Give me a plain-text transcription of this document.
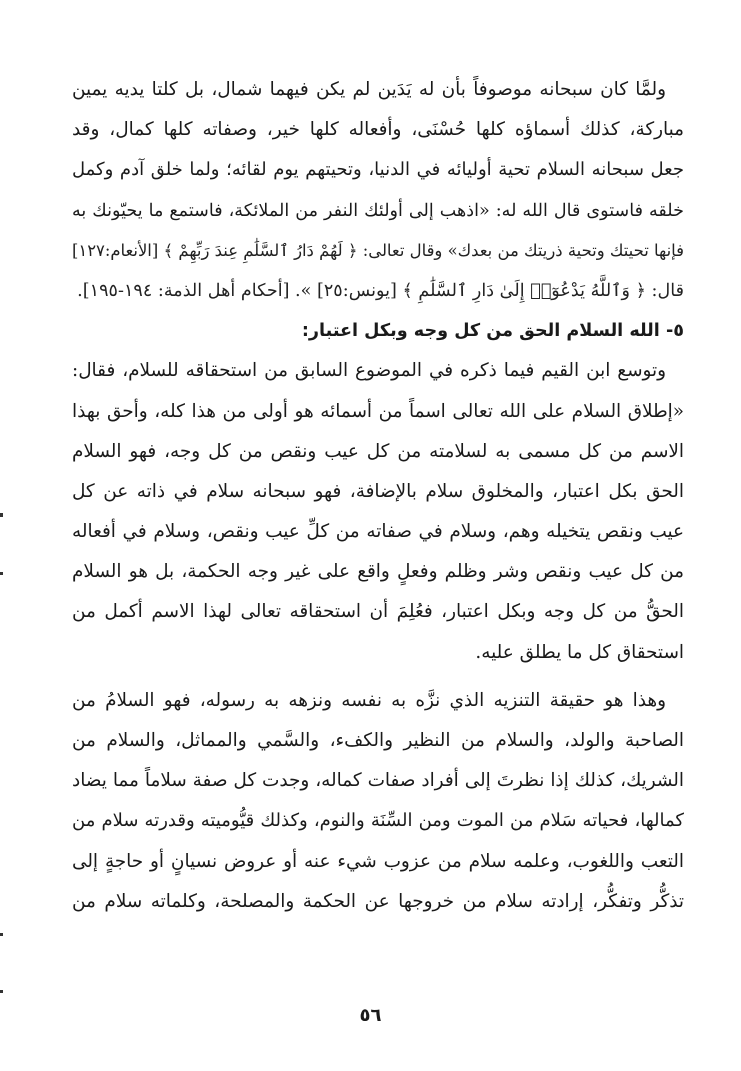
ولمَّا كان سبحانه موصوفاً بأن له يَدَين لم يكن فيهما شمال، بل كلتا يديه يمين
مباركة، كذلك أسماؤه كلها حُسْنَى، وأفعاله كلها خير، وصفاته كلها كمال، وقد
جعل سبحانه السلام تحية أوليائه في الدنيا، وتحيتهم يوم لقائه؛ ولما خلق آدم وكمل
خلقه فاستوى قال الله له: «اذهب إلى أولئك النفر من الملائكة، فاستمع ما يحيّونك به
فإنها تحيتك وتحية ذريتك من بعدك» وقال تعالى: ﴿ لَهُمْ دَارُ ٱلسَّلَٰمِ عِندَ رَبِّهِمْ ﴾ [الأنعام:١٢٧]
قال: ﴿ وَٱللَّهُ يَدْعُوٓا۟ إِلَىٰ دَارِ ٱلسَّلَٰمِ ﴾ [يونس:٢٥] ». [أحكام أهل الذمة: ١٩٤-١٩٥].
٥- الله السلام الحق من كل وجه وبكل اعتبار:
وتوسع ابن القيم فيما ذكره في الموضوع السابق من استحقاقه للسلام، فقال:
«إطلاق السلام على الله تعالى اسماً من أسمائه هو أولى من هذا كله، وأحق بهذا
الاسم من كل مسمى به لسلامته من كل عيب ونقص من كل وجه، فهو السلام
الحق بكل اعتبار، والمخلوق سلام بالإضافة، فهو سبحانه سلام في ذاته عن كل
عيب ونقص يتخيله وهم، وسلام في صفاته من كلِّ عيب ونقص، وسلام في أفعاله
من كل عيب ونقص وشر وظلم وفعلٍ واقع على غير وجه الحكمة، بل هو السلام
الحقُّ من كل وجه وبكل اعتبار، فعُلِمَ أن استحقاقه تعالى لهذا الاسم أكمل من
استحقاق كل ما يطلق عليه.
وهذا هو حقيقة التنزيه الذي نزَّه به نفسه ونزهه به رسوله، فهو السلامُ من
الصاحبة والولد، والسلام من النظير والكفء، والسَّمي والمماثل، والسلام من
الشريك، كذلك إذا نظرتَ إلى أفراد صفات كماله، وجدت كل صفة سلاماً مما يضاد
كمالها، فحياته سَلام من الموت ومن السِّنَة والنوم، وكذلك قيُّوميته وقدرته سلام من
التعب واللغوب، وعلمه سلام من عزوب شيء عنه أو عروض نسيانٍ أو حاجةٍ إلى
تذكُّر وتفكُّر، إرادته سلام من خروجها عن الحكمة والمصلحة، وكلماته سلام من
٥٦
